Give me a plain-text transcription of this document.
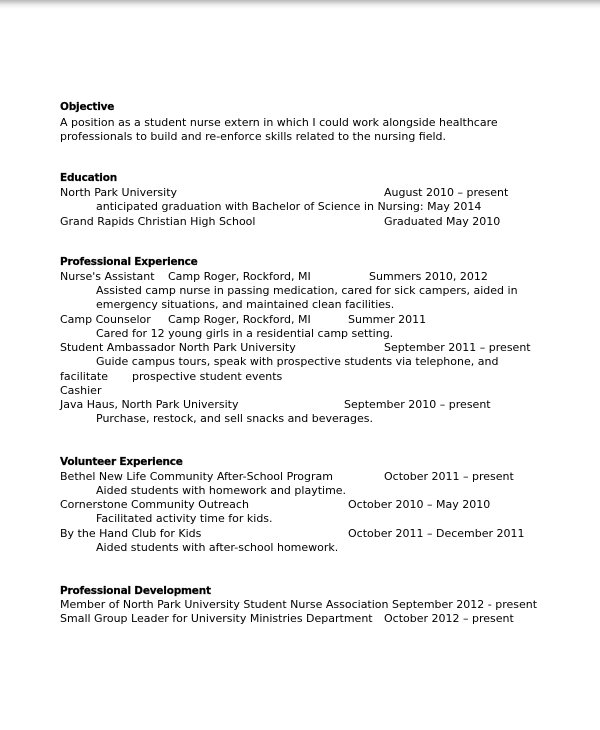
Objective
A position as a student nurse extern in which I could work alongside healthcare
professionals to build and re-enforce skills related to the nursing field.
Education
North Park University	August 2010 – present
anticipated graduation with Bachelor of Science in Nursing: May 2014
Grand Rapids Christian High School	Graduated May 2010
Professional Experience
Nurse's Assistant Camp Roger, Rockford, MI	Summers 2010, 2012
Assisted camp nurse in passing medication, cared for sick campers, aided in
emergency situations, and maintained clean facilities.
Camp Counselor Camp Roger, Rockford, MI	Summer 2011
Cared for 12 young girls in a residential camp setting.
Student Ambassador North Park University	September 2011 – present
Guide campus tours, speak with prospective students via telephone, and
facilitate prospective student events
Cashier
Java Haus, North Park University	September 2010 – present
Purchase, restock, and sell snacks and beverages.
Volunteer Experience
Bethel New Life Community After-School Program	October 2011 – present
Aided students with homework and playtime.
Cornerstone Community Outreach	October 2010 – May 2010
Facilitated activity time for kids.
By the Hand Club for Kids	October 2011 – December 2011
Aided students with after-school homework.
Professional Development
Member of North Park University Student Nurse Association September 2012 - present
Small Group Leader for University Ministries Department October 2012 – present
